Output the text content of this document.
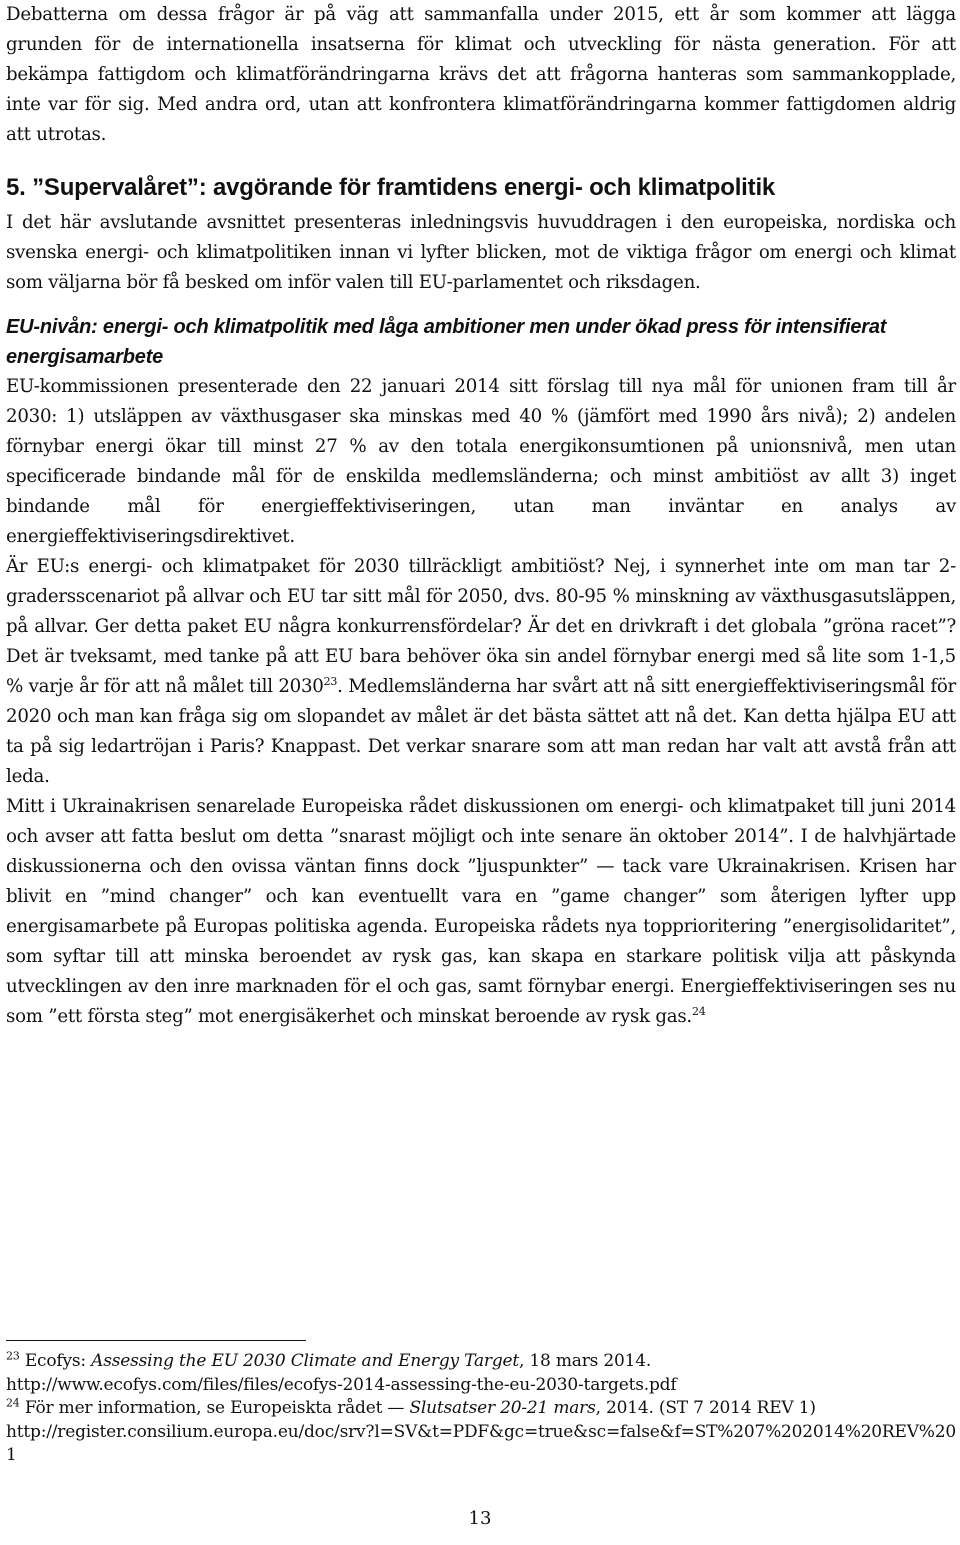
Debatterna om dessa frågor är på väg att sammanfalla under 2015, ett år som kommer att lägga grunden för de internationella insatserna för klimat och utveckling för nästa generation. För att bekämpa fattigdom och klimatförändringarna krävs det att frågorna hanteras som sammankopplade, inte var för sig. Med andra ord, utan att konfrontera klimatförändringarna kommer fattigdomen aldrig att utrotas.

5. ”Supervalåret”: avgörande för framtidens energi- och klimatpolitik

I det här avslutande avsnittet presenteras inledningsvis huvuddragen i den europeiska, nordiska och svenska energi- och klimatpolitiken innan vi lyfter blicken, mot de viktiga frågor om energi och klimat som väljarna bör få besked om inför valen till EU-parlamentet och riksdagen.

EU-nivån: energi- och klimatpolitik med låga ambitioner men under ökad press för intensifierat energisamarbete

EU-kommissionen presenterade den 22 januari 2014 sitt förslag till nya mål för unionen fram till år 2030: 1) utsläppen av växthusgaser ska minskas med 40 % (jämfört med 1990 års nivå); 2) andelen förnybar energi ökar till minst 27 % av den totala energikonsumtionen på unionsnivå, men utan specificerade bindande mål för de enskilda medlemsländerna; och minst ambitiöst av allt 3) inget bindande mål för energieffektiviseringen, utan man inväntar en analys av energieffektiviseringsdirektivet.

Är EU:s energi- och klimatpaket för 2030 tillräckligt ambitiöst? Nej, i synnerhet inte om man tar 2-gradersscenariot på allvar och EU tar sitt mål för 2050, dvs. 80-95 % minskning av växthusgasutsläppen, på allvar. Ger detta paket EU några konkurrensfördelar? Är det en drivkraft i det globala ”gröna racet”? Det är tveksamt, med tanke på att EU bara behöver öka sin andel förnybar energi med så lite som 1-1,5 % varje år för att nå målet till 2030$^{23}$. Medlemsländerna har svårt att nå sitt energieffektiviseringsmål för 2020 och man kan fråga sig om slopandet av målet är det bästa sättet att nå det. Kan detta hjälpa EU att ta på sig ledartröjan i Paris? Knappast. Det verkar snarare som att man redan har valt att avstå från att leda.

Mitt i Ukrainakrisen senarelade Europeiska rådet diskussionen om energi- och klimatpaket till juni 2014 och avser att fatta beslut om detta ”snarast möjligt och inte senare än oktober 2014”. I de halvhjärtade diskussionerna och den ovissa väntan finns dock ”ljuspunkter” — tack vare Ukrainakrisen. Krisen har blivit en ”mind changer” och kan eventuellt vara en ”game changer” som återigen lyfter upp energisamarbete på Europas politiska agenda. Europeiska rådets nya topprioritering ”energisolidaritet”, som syftar till att minska beroendet av rysk gas, kan skapa en starkare politisk vilja att påskynda utvecklingen av den inre marknaden för el och gas, samt förnybar energi. Energieffektiviseringen ses nu som ”ett första steg” mot energisäkerhet och minskat beroende av rysk gas.$^{24}$

$^{23}$ Ecofys: Assessing the EU 2030 Climate and Energy Target, 18 mars 2014.

http://www.ecofys.com/files/files/ecofys-2014-assessing-the-eu-2030-targets.pdf

$^{24}$ För mer information, se Europeiskta rådet — Slutsatser 20-21 mars, 2014. (ST 7 2014 REV 1)

http://register.consilium.europa.eu/doc/srv?l=SV&t=PDF&gc=true&sc=false&f=ST%207%202014%20REV%201

13
